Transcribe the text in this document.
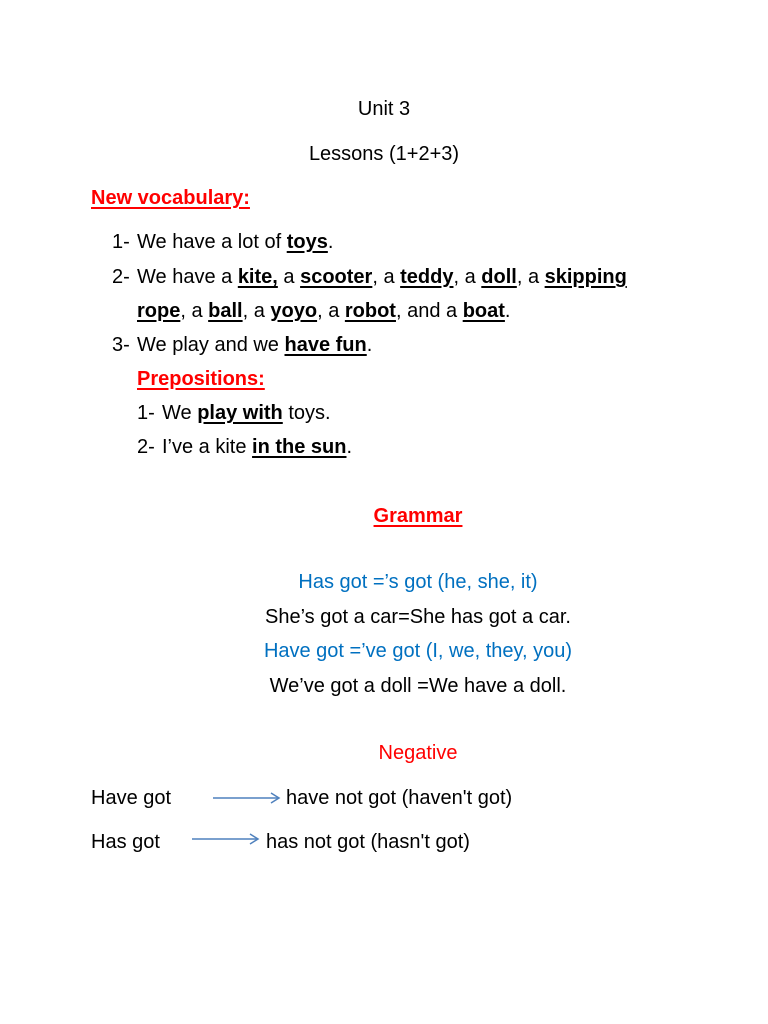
Unit 3
Lessons (1+2+3)
New vocabulary:
1- We have a lot of toys.
2- We have a kite, a scooter, a teddy, a doll, a skipping
rope, a ball, a yoyo, a robot, and a boat.
3- We play and we have fun.
Prepositions:
1- We play with toys.
2- I’ve a kite in the sun.
Grammar
Has got =’s got (he, she, it)
She’s got a car=She has got a car.
Have got =’ve got (I, we, they, you)
We’ve got a doll =We have a doll.
Negative
Have got	have not got (haven't got)
Has got	has not got (hasn't got)
